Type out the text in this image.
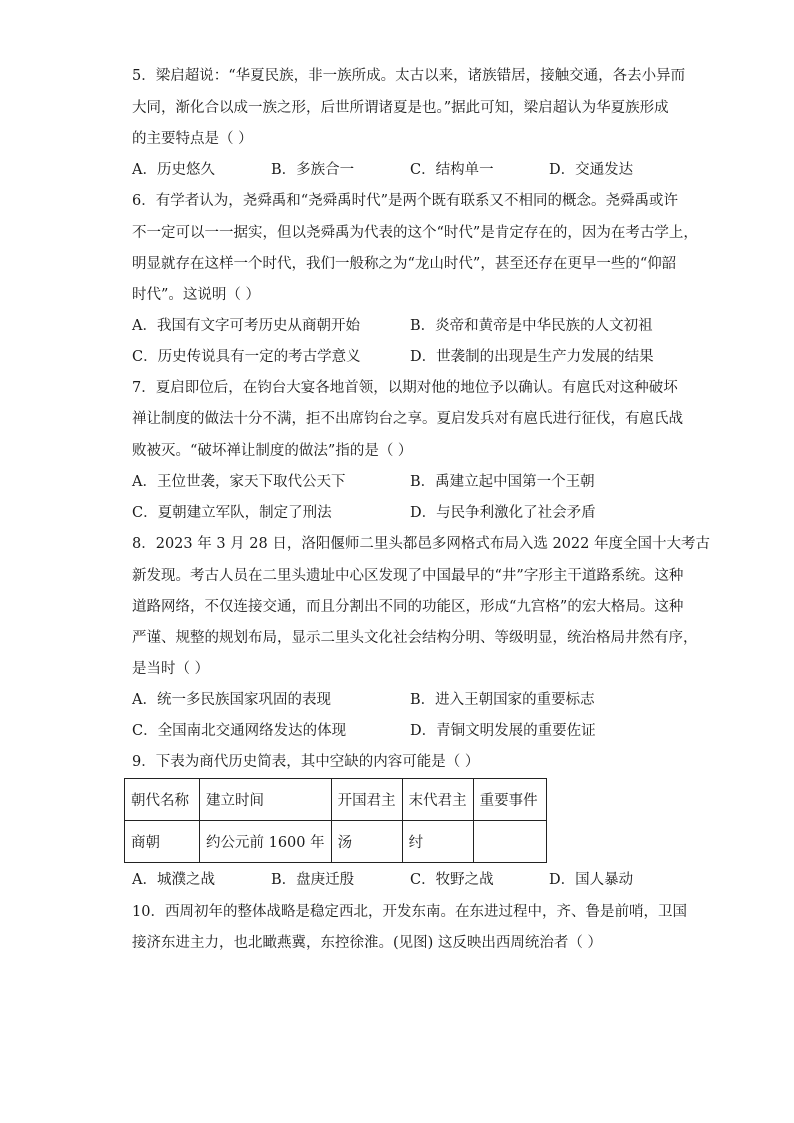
5．梁启超说：“华夏民族，非一族所成。太古以来，诸族错居，接触交通，各去小异而
大同，渐化合以成一族之形，后世所谓诸夏是也。”据此可知，梁启超认为华夏族形成
的主要特点是（ ）
A．历史悠久	B．多族合一	C．结构单一	D．交通发达
6．有学者认为，尧舜禹和“尧舜禹时代”是两个既有联系又不相同的概念。尧舜禹或许
不一定可以一一据实，但以尧舜禹为代表的这个“时代”是肯定存在的，因为在考古学上，
明显就存在这样一个时代，我们一般称之为“龙山时代”，甚至还存在更早一些的“仰韶
时代”。这说明（ ）
A．我国有文字可考历史从商朝开始	B．炎帝和黄帝是中华民族的人文初祖
C．历史传说具有一定的考古学意义	D．世袭制的出现是生产力发展的结果
7．夏启即位后，在钧台大宴各地首领，以期对他的地位予以确认。有扈氏对这种破坏
禅让制度的做法十分不满，拒不出席钧台之享。夏启发兵对有扈氏进行征伐，有扈氏战
败被灭。“破坏禅让制度的做法”指的是（ ）
A．王位世袭，家天下取代公天下	B．禹建立起中国第一个王朝
C．夏朝建立军队，制定了刑法	D．与民争利激化了社会矛盾
8．2023 年 3 月 28 日，洛阳偃师二里头都邑多网格式布局入选 2022 年度全国十大考古
新发现。考古人员在二里头遗址中心区发现了中国最早的“井”字形主干道路系统。这种
道路网络，不仅连接交通，而且分割出不同的功能区，形成“九宫格”的宏大格局。这种
严谨、规整的规划布局，显示二里头文化社会结构分明、等级明显，统治格局井然有序，
是当时（ ）
A．统一多民族国家巩固的表现	B．进入王朝国家的重要标志
C．全国南北交通网络发达的体现	D．青铜文明发展的重要佐证
9．下表为商代历史简表，其中空缺的内容可能是（ ）
朝代名称	建立时间	开国君主	末代君主	重要事件
商朝	约公元前 1600 年	汤	纣	
A．城濮之战	B．盘庚迁殷	C．牧野之战	D．国人暴动
10．西周初年的整体战略是稳定西北，开发东南。在东进过程中，齐、鲁是前哨，卫国
接济东进主力，也北瞰燕冀，东控徐淮。(见图) 这反映出西周统治者（ ）
